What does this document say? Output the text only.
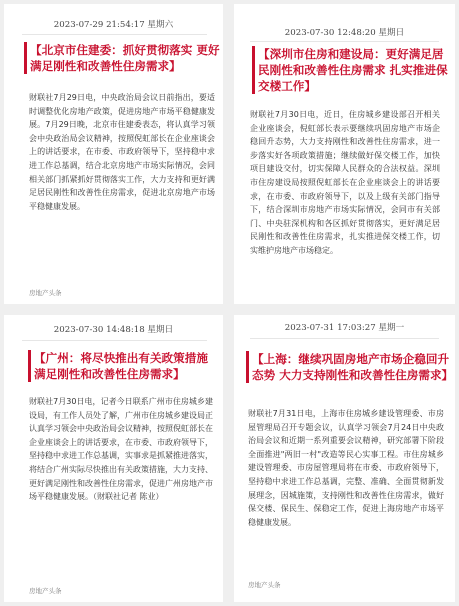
2023-07-29 21:54:17 星期六
【北京市住建委：抓好贯彻落实 更好满足刚性和改善性住房需求】
财联社7月29日电，中央政治局会议日前指出，要适时调整优化房地产政策，促进房地产市场平稳健康发展。7月29日晚，北京市住建委表态，将认真学习领会中央政治局会议精神，按照倪虹部长在企业座谈会上的讲话要求，在市委、市政府领导下，坚持稳中求进工作总基调，结合北京房地产市场实际情况，会同相关部门抓紧抓好贯彻落实工作，大力支持和更好满足居民刚性和改善性住房需求，促进北京房地产市场平稳健康发展。
房地产头条
2023-07-30 12:48:20 星期日
【深圳市住房和建设局：更好满足居民刚性和改善性住房需求 扎实推进保交楼工作】
财联社7月30日电，近日，住房城乡建设部召开相关企业座谈会，倪虹部长表示要继续巩固房地产市场企稳回升态势，大力支持刚性和改善性住房需求，进一步落实好各项政策措施；继续做好保交楼工作，加快项目建设交付，切实保障人民群众的合法权益。深圳市住房建设局按照倪虹部长在企业座谈会上的讲话要求，在市委、市政府领导下，以及上级有关部门指导下，结合深圳市房地产市场实际情况，会同市有关部门、中央驻深机构和各区抓好贯彻落实，更好满足居民刚性和改善性住房需求，扎实推进保交楼工作，切实维护房地产市场稳定。
2023-07-30 14:48:18 星期日
【广州：将尽快推出有关政策措施 满足刚性和改善性住房需求】
财联社7月30日电，记者今日联系广州市住房城乡建设局，有工作人员处了解，广州市住房城乡建设局正认真学习领会中央政治局会议精神，按照倪虹部长在企业座谈会上的讲话要求，在市委、市政府领导下，坚持稳中求进工作总基调，实事求是抓紧推进落实，将结合广州实际尽快推出有关政策措施，大力支持、更好满足刚性和改善性住房需求，促进广州房地产市场平稳健康发展。（财联社记者 陈业）
房地产头条
2023-07-31 17:03:27 星期一
【上海：继续巩固房地产市场企稳回升态势 大力支持刚性和改善性住房需求】
财联社7月31日电，上海市住房城乡建设管理委、市房屋管理局召开专题会议，认真学习领会7月24日中央政治局会议和近期一系列重要会议精神，研究部署下阶段全面推进"两旧一村"改造等民心实事工程。市住房城乡建设管理委、市房屋管理局将在市委、市政府领导下，坚持稳中求进工作总基调，完整、准确、全面贯彻新发展理念，因城施策，支持刚性和改善性住房需求，做好保交楼、保民生、保稳定工作，促进上海房地产市场平稳健康发展。
房地产头条
